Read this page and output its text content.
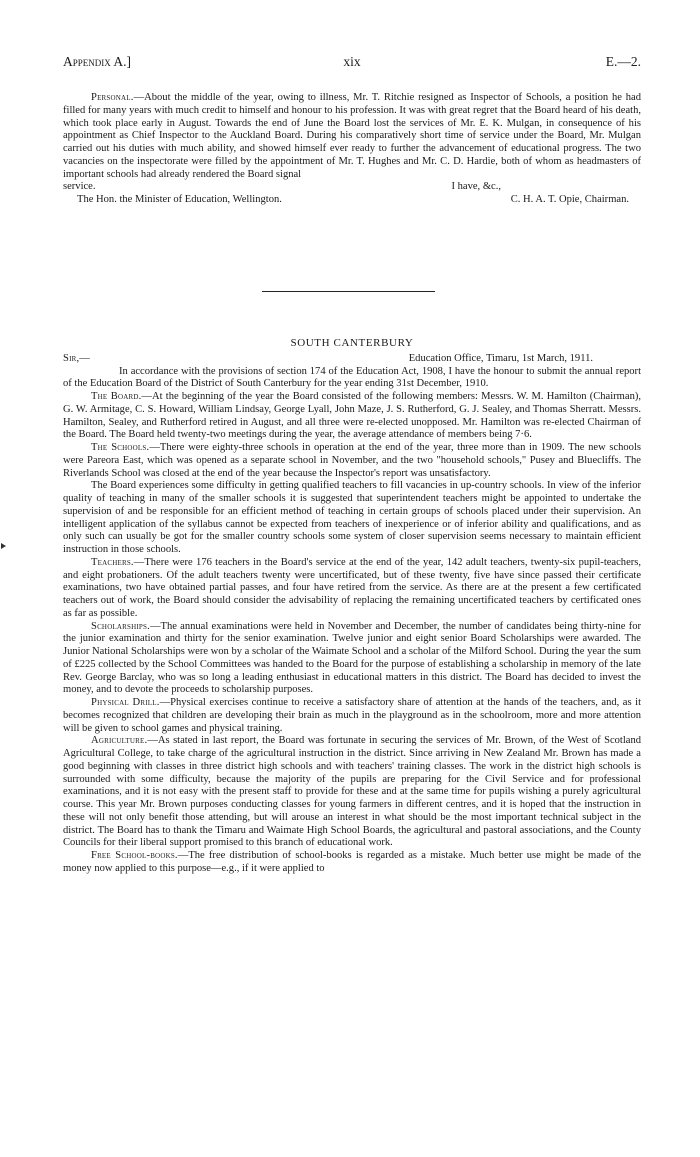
Appendix A.]	xix	E.—2.

Personal.—About the middle of the year, owing to illness, Mr. T. Ritchie resigned as Inspector of Schools, a position he had filled for many years with much credit to himself and honour to his profession. It was with great regret that the Board heard of his death, which took place early in August. Towards the end of June the Board lost the services of Mr. E. K. Mulgan, in consequence of his appointment as Chief Inspector to the Auckland Board. During his comparatively short time of service under the Board, Mr. Mulgan carried out his duties with much ability, and showed himself ever ready to further the advancement of educational progress. The two vacancies on the inspectorate were filled by the appointment of Mr. T. Hughes and Mr. C. D. Hardie, both of whom as headmasters of important schools had already rendered the Board signal

service.	I have, &c.,
The Hon. the Minister of Education, Wellington.	C. H. A. T. Opie, Chairman.
SOUTH CANTERBURY
Sir,—	Education Office, Timaru, 1st March, 1911.

In accordance with the provisions of section 174 of the Education Act, 1908, I have the honour to submit the annual report of the Education Board of the District of South Canterbury for the year ending 31st December, 1910.

The Board.—At the beginning of the year the Board consisted of the following members: Messrs. W. M. Hamilton (Chairman), G. W. Armitage, C. S. Howard, William Lindsay, George Lyall, John Maze, J. S. Rutherford, G. J. Sealey, and Thomas Sherratt. Messrs. Hamilton, Sealey, and Rutherford retired in August, and all three were re-elected unopposed. Mr. Hamilton was re-elected Chairman of the Board. The Board held twenty-two meetings during the year, the average attendance of members being 7·6.

The Schools.—There were eighty-three schools in operation at the end of the year, three more than in 1909. The new schools were Pareora East, which was opened as a separate school in November, and the two "household schools," Pusey and Bluecliffs. The Riverlands School was closed at the end of the year because the Inspector's report was unsatisfactory.

The Board experiences some difficulty in getting qualified teachers to fill vacancies in up-country schools. In view of the inferior quality of teaching in many of the smaller schools it is suggested that superintendent teachers might be appointed to undertake the supervision of and be responsible for an efficient method of teaching in certain groups of schools placed under their supervision. An intelligent application of the syllabus cannot be expected from teachers of inexperience or of inferior ability and qualifications, and as only such can usually be got for the smaller country schools some system of closer supervision seems necessary to maintain efficient instruction in those schools.

Teachers.—There were 176 teachers in the Board's service at the end of the year, 142 adult teachers, twenty-six pupil-teachers, and eight probationers. Of the adult teachers twenty were uncertificated, but of these twenty, five have since passed their certificate examinations, two have obtained partial passes, and four have retired from the service. As there are at the present a few certificated teachers out of work, the Board should consider the advisability of replacing the remaining uncertificated teachers by certificated ones as far as possible.

Scholarships.—The annual examinations were held in November and December, the number of candidates being thirty-nine for the junior examination and thirty for the senior examination. Twelve junior and eight senior Board Scholarships were awarded. The Junior National Scholarships were won by a scholar of the Waimate School and a scholar of the Milford School. During the year the sum of £225 collected by the School Committees was handed to the Board for the purpose of establishing a scholarship in memory of the late Rev. George Barclay, who was so long a leading enthusiast in educational matters in this district. The Board has decided to invest the money, and to devote the proceeds to scholarship purposes.

Physical Drill.—Physical exercises continue to receive a satisfactory share of attention at the hands of the teachers, and, as it becomes recognized that children are developing their brain as much in the playground as in the schoolroom, more and more attention will be given to school games and physical training.

Agriculture.—As stated in last report, the Board was fortunate in securing the services of Mr. Brown, of the West of Scotland Agricultural College, to take charge of the agricultural instruction in the district. Since arriving in New Zealand Mr. Brown has made a good beginning with classes in three district high schools and with teachers' training classes. The work in the district high schools is surrounded with some difficulty, because the majority of the pupils are preparing for the Civil Service and for professional examinations, and it is not easy with the present staff to provide for these and at the same time for pupils wishing a purely agricultural course. This year Mr. Brown purposes conducting classes for young farmers in different centres, and it is hoped that the instruction in these will not only benefit those attending, but will arouse an interest in what should be the most important technical subject in the district. The Board has to thank the Timaru and Waimate High School Boards, the agricultural and pastoral associations, and the County Councils for their liberal support promised to this branch of educational work.

Free School-books.—The free distribution of school-books is regarded as a mistake. Much better use might be made of the money now applied to this purpose—e.g., if it were applied to
